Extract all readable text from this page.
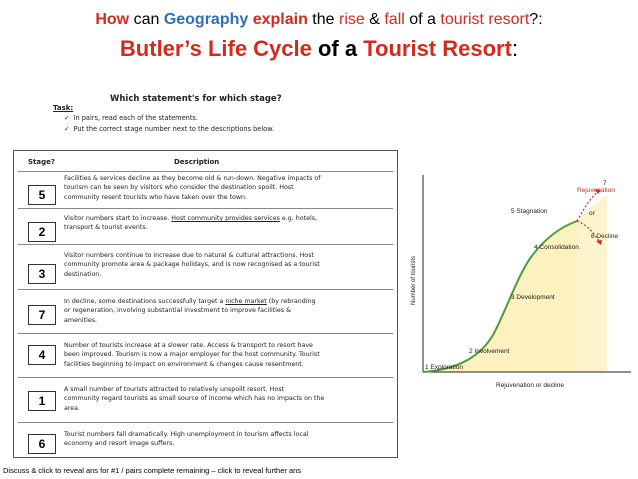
How can Geography explain the rise & fall of a tourist resort?:
Butler’s Life Cycle of a Tourist Resort:
Which statement's for which stage?
Task:
✓ In pairs, read each of the statements.
✓ Put the correct stage number next to the descriptions below.
Stage?	Description
5
Facilities & services decline as they become old & run-down. Negative impacts of
tourism can be seen by visitors who consider the destination spoilt. Host
community resent tourists who have taken over the town.
2
Visitor numbers start to increase. Host community provides services e.g. hotels,
transport & tourist events.
3
Visitor numbers continue to increase due to natural & cultural attractions. Host
community promote area & package holidays, and is now recognised as a tourist
destination.
7
In decline, some destinations successfully target a niche market (by rebranding
or regeneration, involving substantial investment to improve facilities &
amenities.
4
Number of tourists increase at a slower rate. Access & transport to resort have
been improved. Tourism is now a major employer for the host community. Tourist
facilities beginning to impact on environment & changes cause resentment.
1
A small number of tourists attracted to relatively unspoilt resort. Host
community regard tourists as small source of income which has no impacts on the
area.
6
Tourist numbers fall dramatically. High unemployment in tourism affects local
economy and resort image suffers.
Number of tourists
Rejuvenation or decline
1 Exploration
2 Involvement
3 Development
4 Consolidation
5 Stagnation
6 Decline
7
Rejuvenation
or
Discuss & click to reveal ans for #1 / pairs complete remaining – click to reveal further ans
